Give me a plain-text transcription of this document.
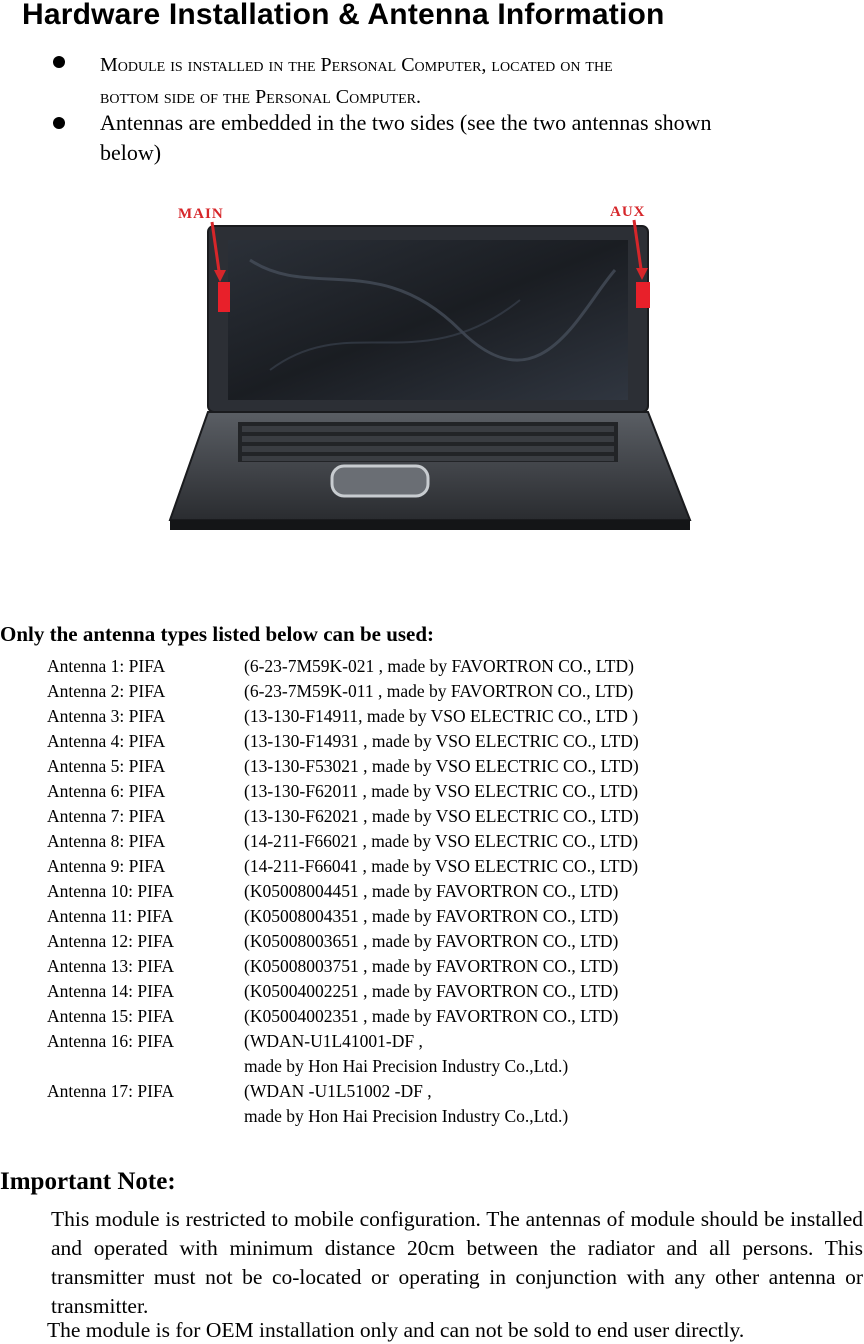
Hardware Installation & Antenna Information
Module is installed in the Personal Computer, located on the
bottom side of the Personal Computer.
Antennas are embedded in the two sides (see the two antennas shown
below)
MAIN	AUX
Only the antenna types listed below can be used:
Antenna 1: PIFA	(6-23-7M59K-021 , made by FAVORTRON CO., LTD)
Antenna 2: PIFA	(6-23-7M59K-011 , made by FAVORTRON CO., LTD)
Antenna 3: PIFA	(13-130-F14911, made by VSO ELECTRIC CO., LTD )
Antenna 4: PIFA	(13-130-F14931 , made by VSO ELECTRIC CO., LTD)
Antenna 5: PIFA	(13-130-F53021 , made by VSO ELECTRIC CO., LTD)
Antenna 6: PIFA	(13-130-F62011 , made by VSO ELECTRIC CO., LTD)
Antenna 7: PIFA	(13-130-F62021 , made by VSO ELECTRIC CO., LTD)
Antenna 8: PIFA	(14-211-F66021 , made by VSO ELECTRIC CO., LTD)
Antenna 9: PIFA	(14-211-F66041 , made by VSO ELECTRIC CO., LTD)
Antenna 10: PIFA	(K05008004451 , made by FAVORTRON CO., LTD)
Antenna 11: PIFA	(K05008004351 , made by FAVORTRON CO., LTD)
Antenna 12: PIFA	(K05008003651 , made by FAVORTRON CO., LTD)
Antenna 13: PIFA	(K05008003751 , made by FAVORTRON CO., LTD)
Antenna 14: PIFA	(K05004002251 , made by FAVORTRON CO., LTD)
Antenna 15: PIFA	(K05004002351 , made by FAVORTRON CO., LTD)
Antenna 16: PIFA	(WDAN-U1L41001-DF ,
made by Hon Hai Precision Industry Co.,Ltd.)
Antenna 17: PIFA	(WDAN -U1L51002 -DF ,
made by Hon Hai Precision Industry Co.,Ltd.)
Important Note:
This module is restricted to mobile configuration. The antennas of module should be installed and operated with minimum distance 20cm between the radiator and all persons. This transmitter must not be co-located or operating in conjunction with any other antenna or transmitter.
The module is for OEM installation only and can not be sold to end user directly.
